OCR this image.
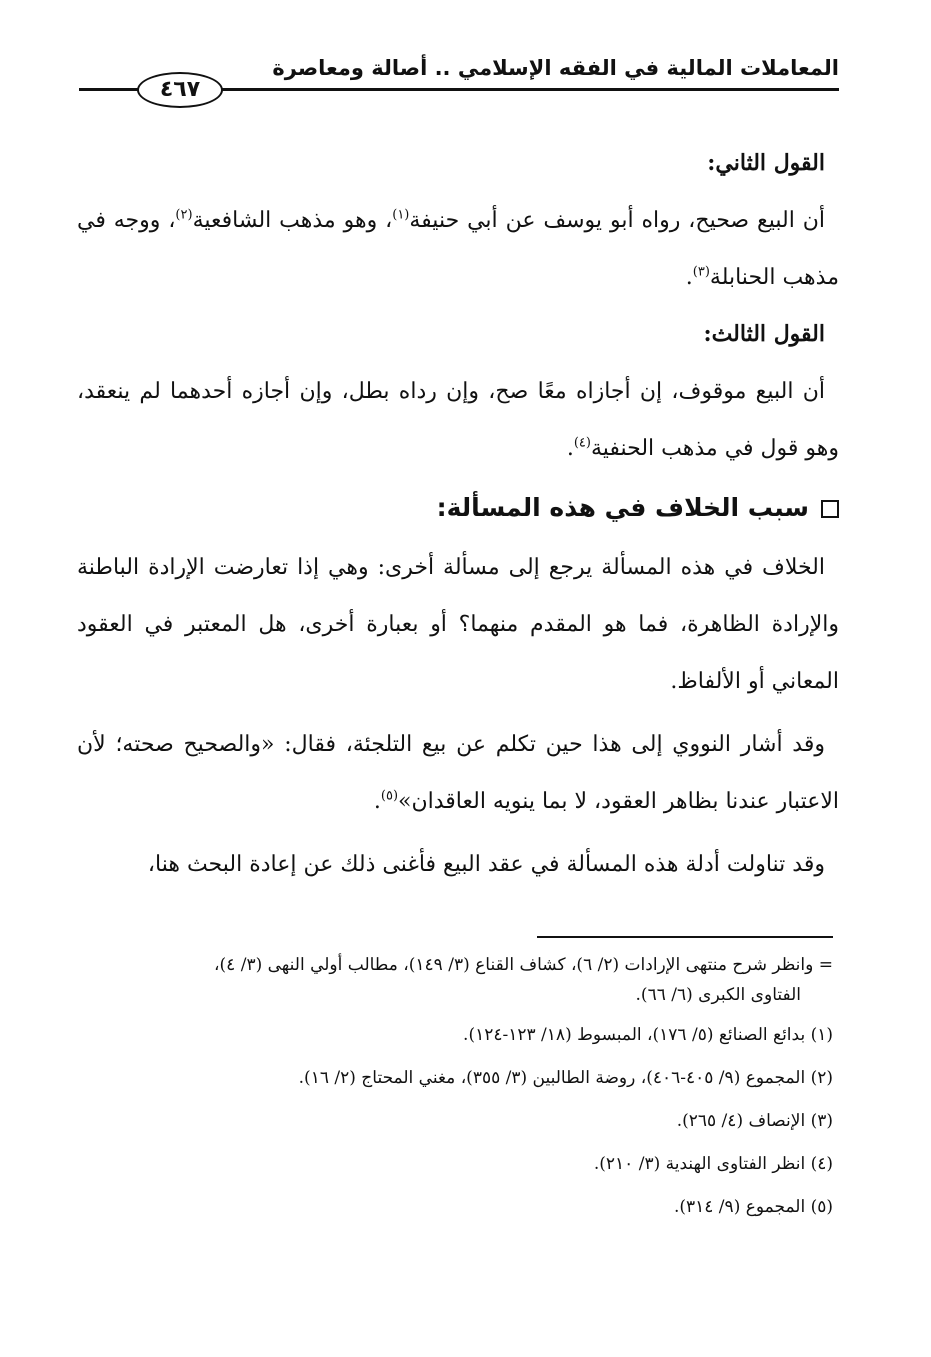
المعاملات المالية في الفقه الإسلامي .. أصالة ومعاصرة
٤٦٧

القول الثاني:

أن البيع صحيح، رواه أبو يوسف عن أبي حنيفة$^{(١)}$، وهو مذهب الشافعية$^{(٢)}$، ووجه في مذهب الحنابلة$^{(٣)}$.

القول الثالث:

أن البيع موقوف، إن أجازاه معًا صح، وإن رداه بطل، وإن أجازه أحدهما لم ينعقد، وهو قول في مذهب الحنفية$^{(٤)}$.

سبب الخلاف في هذه المسألة:

الخلاف في هذه المسألة يرجع إلى مسألة أخرى: وهي إذا تعارضت الإرادة الباطنة والإرادة الظاهرة، فما هو المقدم منهما؟ أو بعبارة أخرى، هل المعتبر في العقود المعاني أو الألفاظ.

وقد أشار النووي إلى هذا حين تكلم عن بيع التلجئة، فقال: «والصحيح صحته؛ لأن الاعتبار عندنا بظاهر العقود، لا بما ينويه العاقدان»$^{(٥)}$.

وقد تناولت أدلة هذه المسألة في عقد البيع فأغنى ذلك عن إعادة البحث هنا،

= وانظر شرح منتهى الإرادات (٢/ ٦)، كشاف القناع (٣/ ١٤٩)، مطالب أولي النهى (٣/ ٤)،

الفتاوى الكبرى (٦/ ٦٦).

(١) بدائع الصنائع (٥/ ١٧٦)، المبسوط (١٨/ ١٢٣-١٢٤).

(٢) المجموع (٩/ ٤٠٥-٤٠٦)، روضة الطالبين (٣/ ٣٥٥)، مغني المحتاج (٢/ ١٦).

(٣) الإنصاف (٤/ ٢٦٥).

(٤) انظر الفتاوى الهندية (٣/ ٢١٠).

(٥) المجموع (٩/ ٣١٤).
